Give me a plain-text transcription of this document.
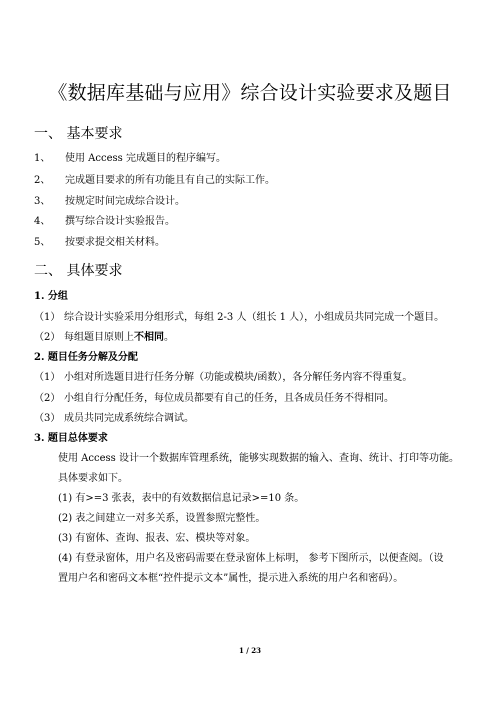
《数据库基础与应用》综合设计实验要求及题目
一、 基本要求
1、 使用 Access 完成题目的程序编写。
2、 完成题目要求的所有功能且有自己的实际工作。
3、 按规定时间完成综合设计。
4、 撰写综合设计实验报告。
5、 按要求提交相关材料。
二、 具体要求
1. 分组
（1） 综合设计实验采用分组形式，每组 2-3 人（组长 1 人），小组成员共同完成一个题目。
（2） 每组题目原则上不相同。
2. 题目任务分解及分配
（1） 小组对所选题目进行任务分解（功能或模块/函数），各分解任务内容不得重复。
（2） 小组自行分配任务，每位成员都要有自己的任务，且各成员任务不得相同。
（3） 成员共同完成系统综合调试。
3. 题目总体要求
使用 Access 设计一个数据库管理系统，能够实现数据的输入、查询、统计、打印等功能。
具体要求如下。
(1) 有>=3 张表，表中的有效数据信息记录>=10 条。
(2) 表之间建立一对多关系，设置参照完整性。
(3) 有窗体、查询、报表、宏、模块等对象。
(4) 有登录窗体，用户名及密码需要在登录窗体上标明， 参考下图所示，以便查阅。（设
置用户名和密码文本框“控件提示文本”属性，提示进入系统的用户名和密码）。
1 / 23
